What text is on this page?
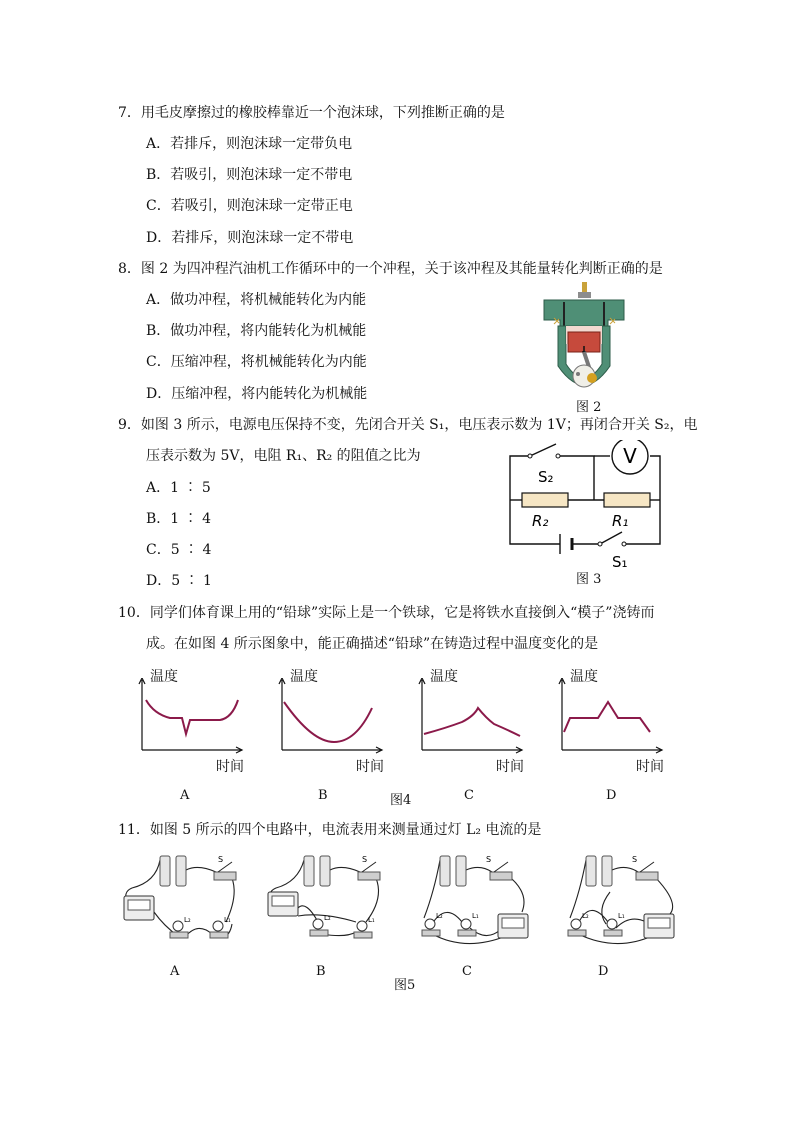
7．用毛皮摩擦过的橡胶棒靠近一个泡沫球，下列推断正确的是
A．若排斥，则泡沫球一定带负电
B．若吸引，则泡沫球一定不带电
C．若吸引，则泡沫球一定带正电
D．若排斥，则泡沫球一定不带电
8．图 2 为四冲程汽油机工作循环中的一个冲程，关于该冲程及其能量转化判断正确的是
A．做功冲程，将机械能转化为内能
B．做功冲程，将内能转化为机械能
C．压缩冲程，将机械能转化为内能
D．压缩冲程，将内能转化为机械能
图 2
9．如图 3 所示，电源电压保持不变，先闭合开关 S₁，电压表示数为 1V；再闭合开关 S₂，电
压表示数为 5V，电阻 R₁、R₂ 的阻值之比为
A．1 ∶ 5
B．1 ∶ 4
C．5 ∶ 4
D．5 ∶ 1
V
S₂
R₂	R₁
S₁
图 3
10．同学们体育课上用的“铅球”实际上是一个铁球，它是将铁水直接倒入“模子”浇铸而
成。在如图 4 所示图象中，能正确描述“铅球”在铸造过程中温度变化的是
温度
时间
A
温度
时间
B	图4
温度
时间
C
温度
时间
D
11．如图 5 所示的四个电路中，电流表用来测量通过灯 L₂ 电流的是
S
L₂	L₁
A
S
L₂	L₁
B
图5
S
L₂	L₁
C
S
L₂	L₁
D
